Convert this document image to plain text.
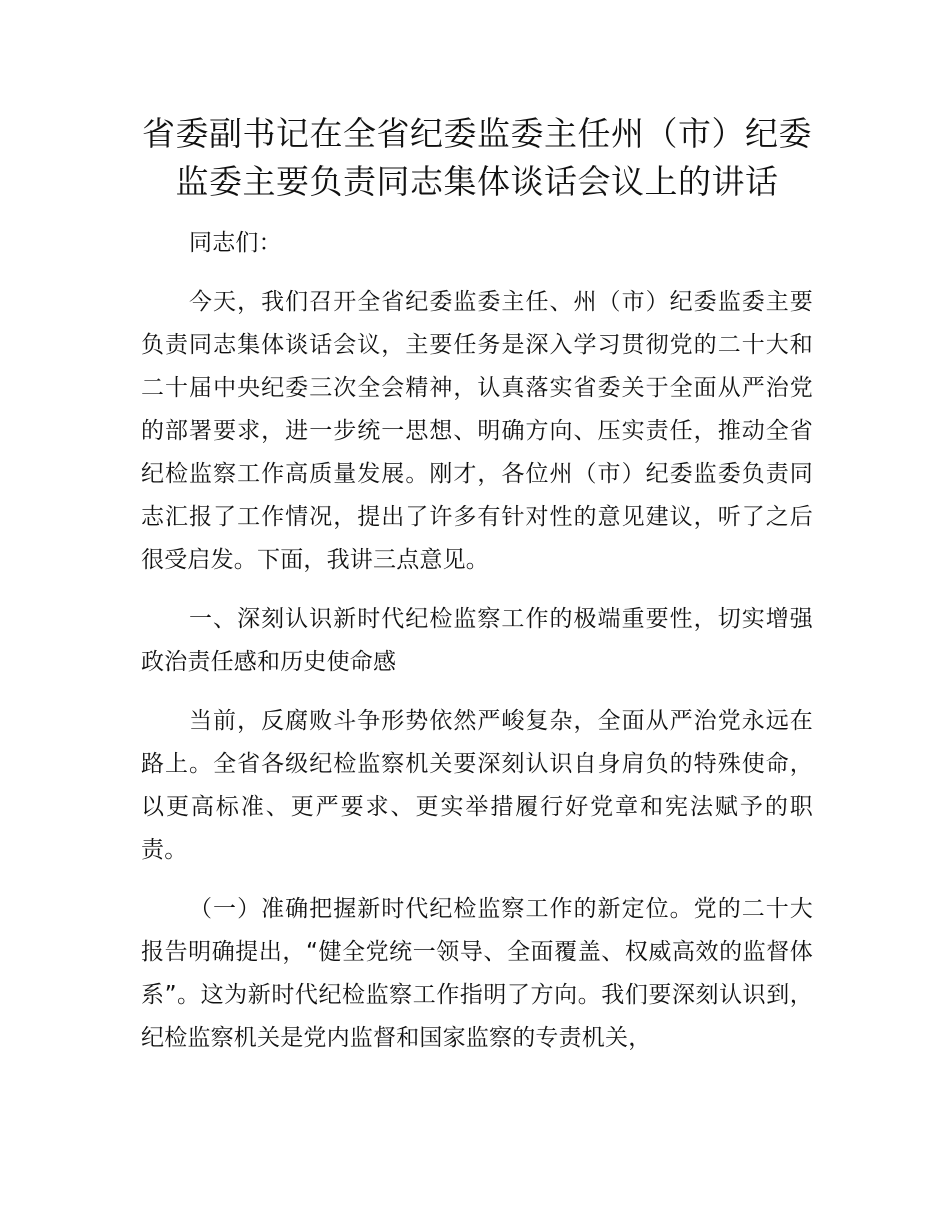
省委副书记在全省纪委监委主任州（市）纪委
监委主要负责同志集体谈话会议上的讲话

同志们：

今天，我们召开全省纪委监委主任、州（市）纪委监委主要负责同志集体谈话会议，主要任务是深入学习贯彻党的二十大和二十届中央纪委三次全会精神，认真落实省委关于全面从严治党的部署要求，进一步统一思想、明确方向、压实责任，推动全省纪检监察工作高质量发展。刚才，各位州（市）纪委监委负责同志汇报了工作情况，提出了许多有针对性的意见建议，听了之后很受启发。下面，我讲三点意见。

一、深刻认识新时代纪检监察工作的极端重要性，切实增强政治责任感和历史使命感

当前，反腐败斗争形势依然严峻复杂，全面从严治党永远在路上。全省各级纪检监察机关要深刻认识自身肩负的特殊使命，以更高标准、更严要求、更实举措履行好党章和宪法赋予的职责。

（一）准确把握新时代纪检监察工作的新定位。党的二十大报告明确提出，“健全党统一领导、全面覆盖、权威高效的监督体系”。这为新时代纪检监察工作指明了方向。我们要深刻认识到，纪检监察机关是党内监督和国家监察的专责机关，
